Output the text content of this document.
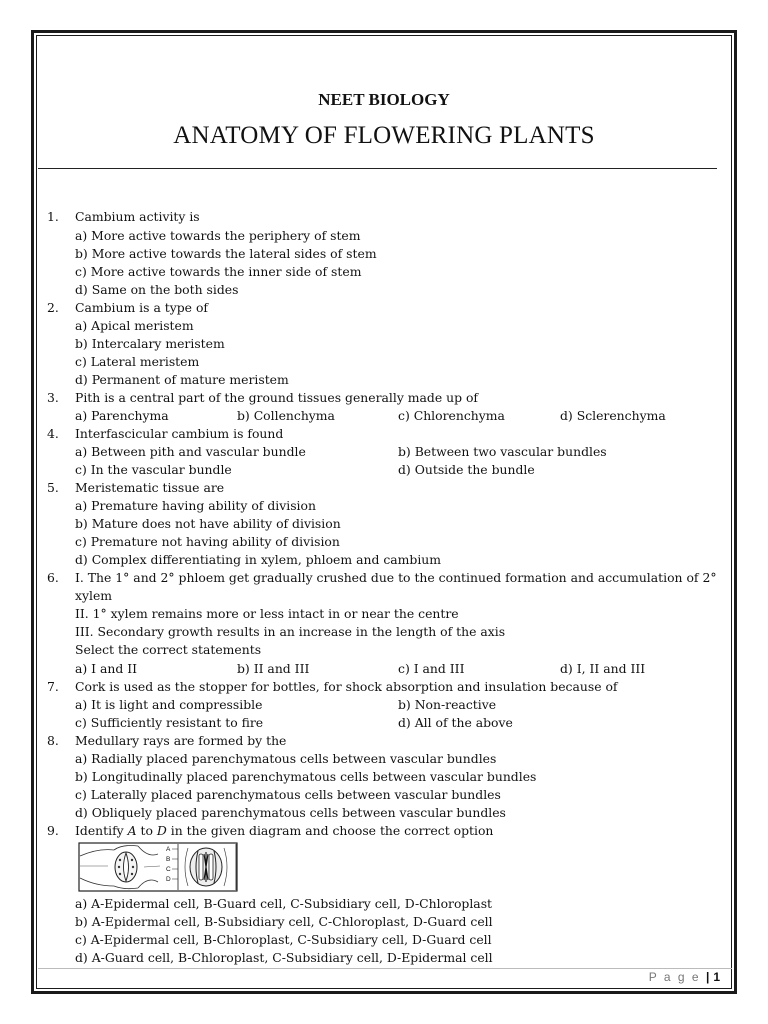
NEET BIOLOGY
ANATOMY OF FLOWERING PLANTS
1. Cambium activity is
a) More active towards the periphery of stem
b) More active towards the lateral sides of stem
c) More active towards the inner side of stem
d) Same on the both sides
2. Cambium is a type of
a) Apical meristem
b) Intercalary meristem
c) Lateral meristem
d) Permanent of mature meristem
3. Pith is a central part of the ground tissues generally made up of
a) Parenchyma	b) Collenchyma	c) Chlorenchyma	d) Sclerenchyma
4. Interfascicular cambium is found
a) Between pith and vascular bundle	b) Between two vascular bundles
c) In the vascular bundle	d) Outside the bundle
5. Meristematic tissue are
a) Premature having ability of division
b) Mature does not have ability of division
c) Premature not having ability of division
d) Complex differentiating in xylem, phloem and cambium
6. I. The 1° and 2° phloem get gradually crushed due to the continued formation and accumulation of 2°
xylem
II. 1° xylem remains more or less intact in or near the centre
III. Secondary growth results in an increase in the length of the axis
Select the correct statements
a) I and II	b) II and III	c) I and III	d) I, II and III
7. Cork is used as the stopper for bottles, for shock absorption and insulation because of
a) It is light and compressible	b) Non-reactive
c) Sufficiently resistant to fire	d) All of the above
8. Medullary rays are formed by the
a) Radially placed parenchymatous cells between vascular bundles
b) Longitudinally placed parenchymatous cells between vascular bundles
c) Laterally placed parenchymatous cells between vascular bundles
d) Obliquely placed parenchymatous cells between vascular bundles
9. Identify A to D in the given diagram and choose the correct option
A
B
C
D
a) A-Epidermal cell, B-Guard cell, C-Subsidiary cell, D-Chloroplast
b) A-Epidermal cell, B-Subsidiary cell, C-Chloroplast, D-Guard cell
c) A-Epidermal cell, B-Chloroplast, C-Subsidiary cell, D-Guard cell
d) A-Guard cell, B-Chloroplast, C-Subsidiary cell, D-Epidermal cell
P a g e | 1
